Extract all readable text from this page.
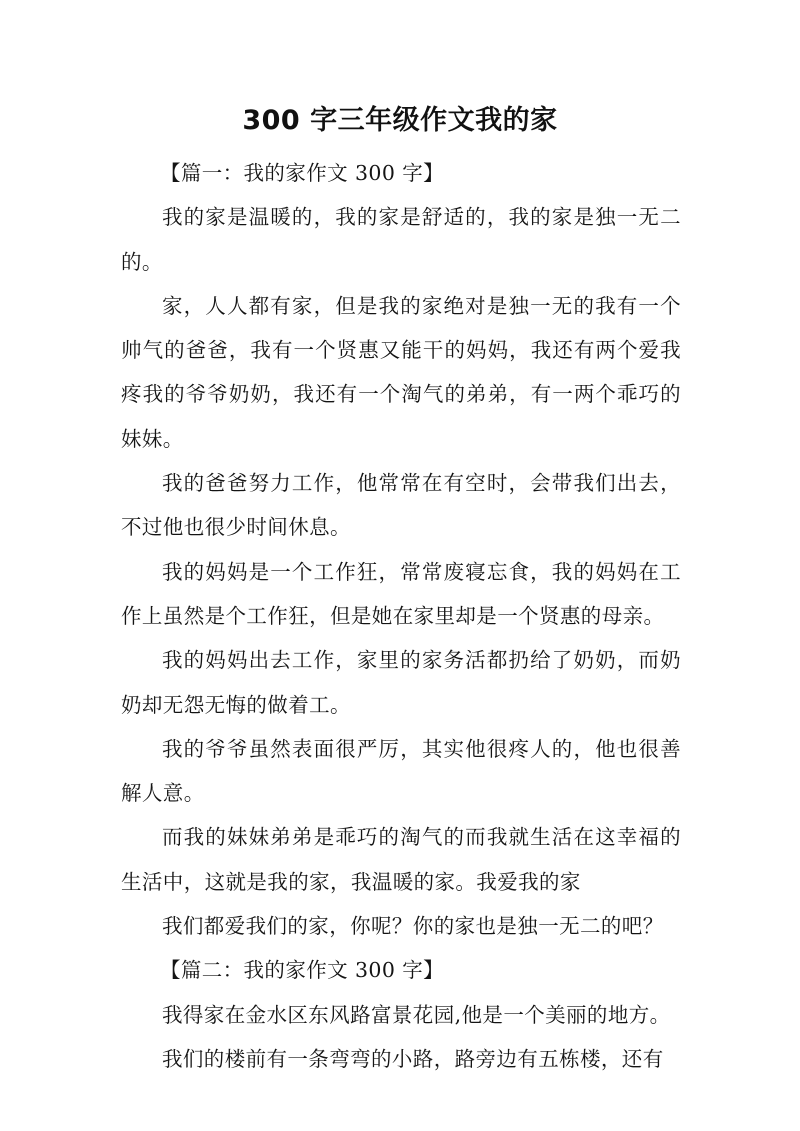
300 字三年级作文我的家

【篇一：我的家作文 300 字】

我的家是温暖的，我的家是舒适的，我的家是独一无二的。

家，人人都有家，但是我的家绝对是独一无的我有一个帅气的爸爸，我有一个贤惠又能干的妈妈，我还有两个爱我疼我的爷爷奶奶，我还有一个淘气的弟弟，有一两个乖巧的妹妹。

我的爸爸努力工作，他常常在有空时，会带我们出去，不过他也很少时间休息。

我的妈妈是一个工作狂，常常废寝忘食，我的妈妈在工作上虽然是个工作狂，但是她在家里却是一个贤惠的母亲。

我的妈妈出去工作，家里的家务活都扔给了奶奶，而奶奶却无怨无悔的做着工。

我的爷爷虽然表面很严厉，其实他很疼人的，他也很善解人意。

而我的妹妹弟弟是乖巧的淘气的而我就生活在这幸福的生活中，这就是我的家，我温暖的家。我爱我的家

我们都爱我们的家，你呢？你的家也是独一无二的吧？

【篇二：我的家作文 300 字】

我得家在金水区东风路富景花园,他是一个美丽的地方。

我们的楼前有一条弯弯的小路，路旁边有五栋楼，还有
